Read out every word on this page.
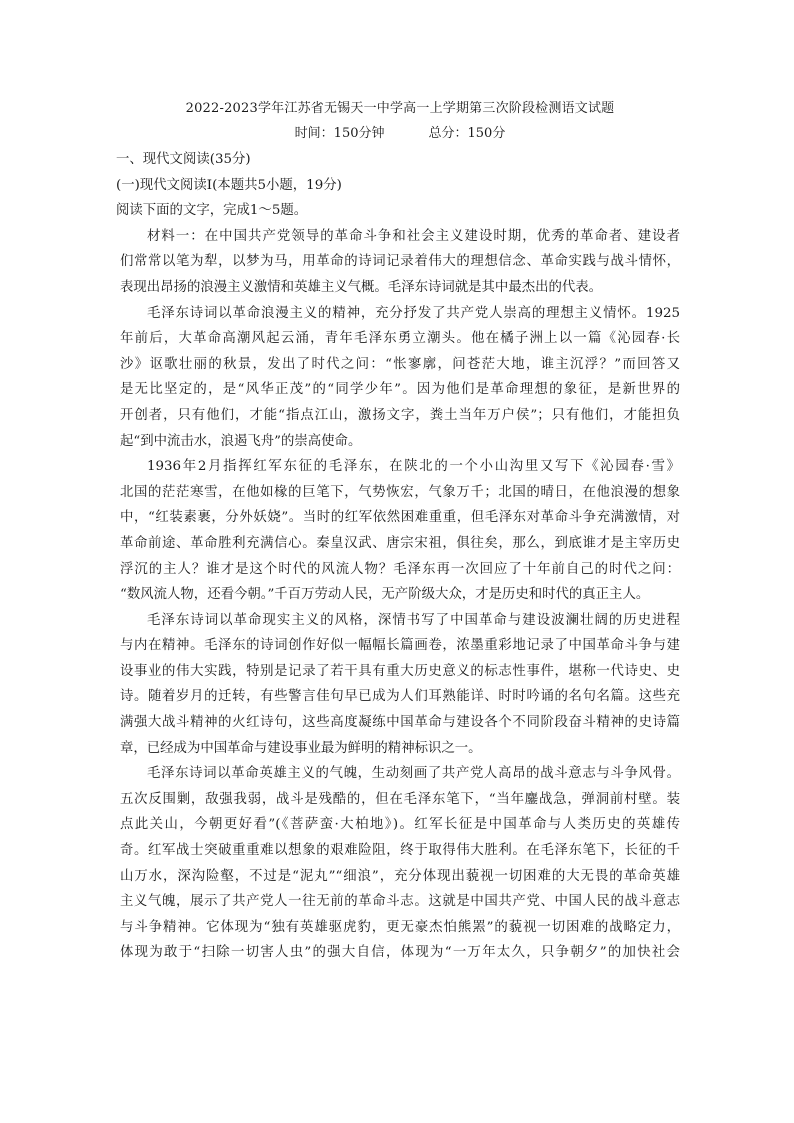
2022-2023学年江苏省无锡天一中学高一上学期第三次阶段检测语文试题
时间：150分钟	总分：150分

一、现代文阅读(35分)

(一)现代文阅读Ⅰ(本题共5小题，19分)

阅读下面的文字，完成1～5题。

材料一：在中国共产党领导的革命斗争和社会主义建设时期，优秀的革命者、建设者

们常常以笔为犁，以梦为马，用革命的诗词记录着伟大的理想信念、革命实践与战斗情怀，

表现出昂扬的浪漫主义激情和英雄主义气概。毛泽东诗词就是其中最杰出的代表。

毛泽东诗词以革命浪漫主义的精神，充分抒发了共产党人崇高的理想主义情怀。1925

年前后，大革命高潮风起云涌，青年毛泽东勇立潮头。他在橘子洲上以一篇《沁园春·长

沙》讴歌壮丽的秋景，发出了时代之问：“怅寥廓，问苍茫大地，谁主沉浮？”而回答又

是无比坚定的，是“风华正茂”的“同学少年”。因为他们是革命理想的象征，是新世界的

开创者，只有他们，才能“指点江山，激扬文字，粪土当年万户侯”；只有他们，才能担负

起“到中流击水，浪遏飞舟”的崇高使命。

1936年2月指挥红军东征的毛泽东，在陕北的一个小山沟里又写下《沁园春·雪》

北国的茫茫寒雪，在他如椽的巨笔下，气势恢宏，气象万千；北国的晴日，在他浪漫的想象

中，“红装素裹，分外妖娆”。当时的红军依然困难重重，但毛泽东对革命斗争充满激情，对

革命前途、革命胜利充满信心。秦皇汉武、唐宗宋祖，俱往矣，那么，到底谁才是主宰历史

浮沉的主人？谁才是这个时代的风流人物？毛泽东再一次回应了十年前自己的时代之问：

“数风流人物，还看今朝。”千百万劳动人民，无产阶级大众，才是历史和时代的真正主人。

毛泽东诗词以革命现实主义的风格，深情书写了中国革命与建设波澜壮阔的历史进程

与内在精神。毛泽东的诗词创作好似一幅幅长篇画卷，浓墨重彩地记录了中国革命斗争与建

设事业的伟大实践，特别是记录了若干具有重大历史意义的标志性事件，堪称一代诗史、史

诗。随着岁月的迁转，有些警言佳句早已成为人们耳熟能详、时时吟诵的名句名篇。这些充

满强大战斗精神的火红诗句，这些高度凝练中国革命与建设各个不同阶段奋斗精神的史诗篇

章，已经成为中国革命与建设事业最为鲜明的精神标识之一。

毛泽东诗词以革命英雄主义的气魄，生动刻画了共产党人高昂的战斗意志与斗争风骨。

五次反围剿，敌强我弱，战斗是残酷的，但在毛泽东笔下，“当年鏖战急，弹洞前村壁。装

点此关山，今朝更好看”(《菩萨蛮·大柏地》)。红军长征是中国革命与人类历史的英雄传

奇。红军战士突破重重难以想象的艰难险阻，终于取得伟大胜利。在毛泽东笔下，长征的千

山万水，深沟险壑，不过是“泥丸”“细浪”，充分体现出藐视一切困难的大无畏的革命英雄

主义气魄，展示了共产党人一往无前的革命斗志。这就是中国共产党、中国人民的战斗意志

与斗争精神。它体现为“独有英雄驱虎豹，更无豪杰怕熊罴”的藐视一切困难的战略定力，

体现为敢于“扫除一切害人虫”的强大自信，体现为“一万年太久，只争朝夕”的加快社会
